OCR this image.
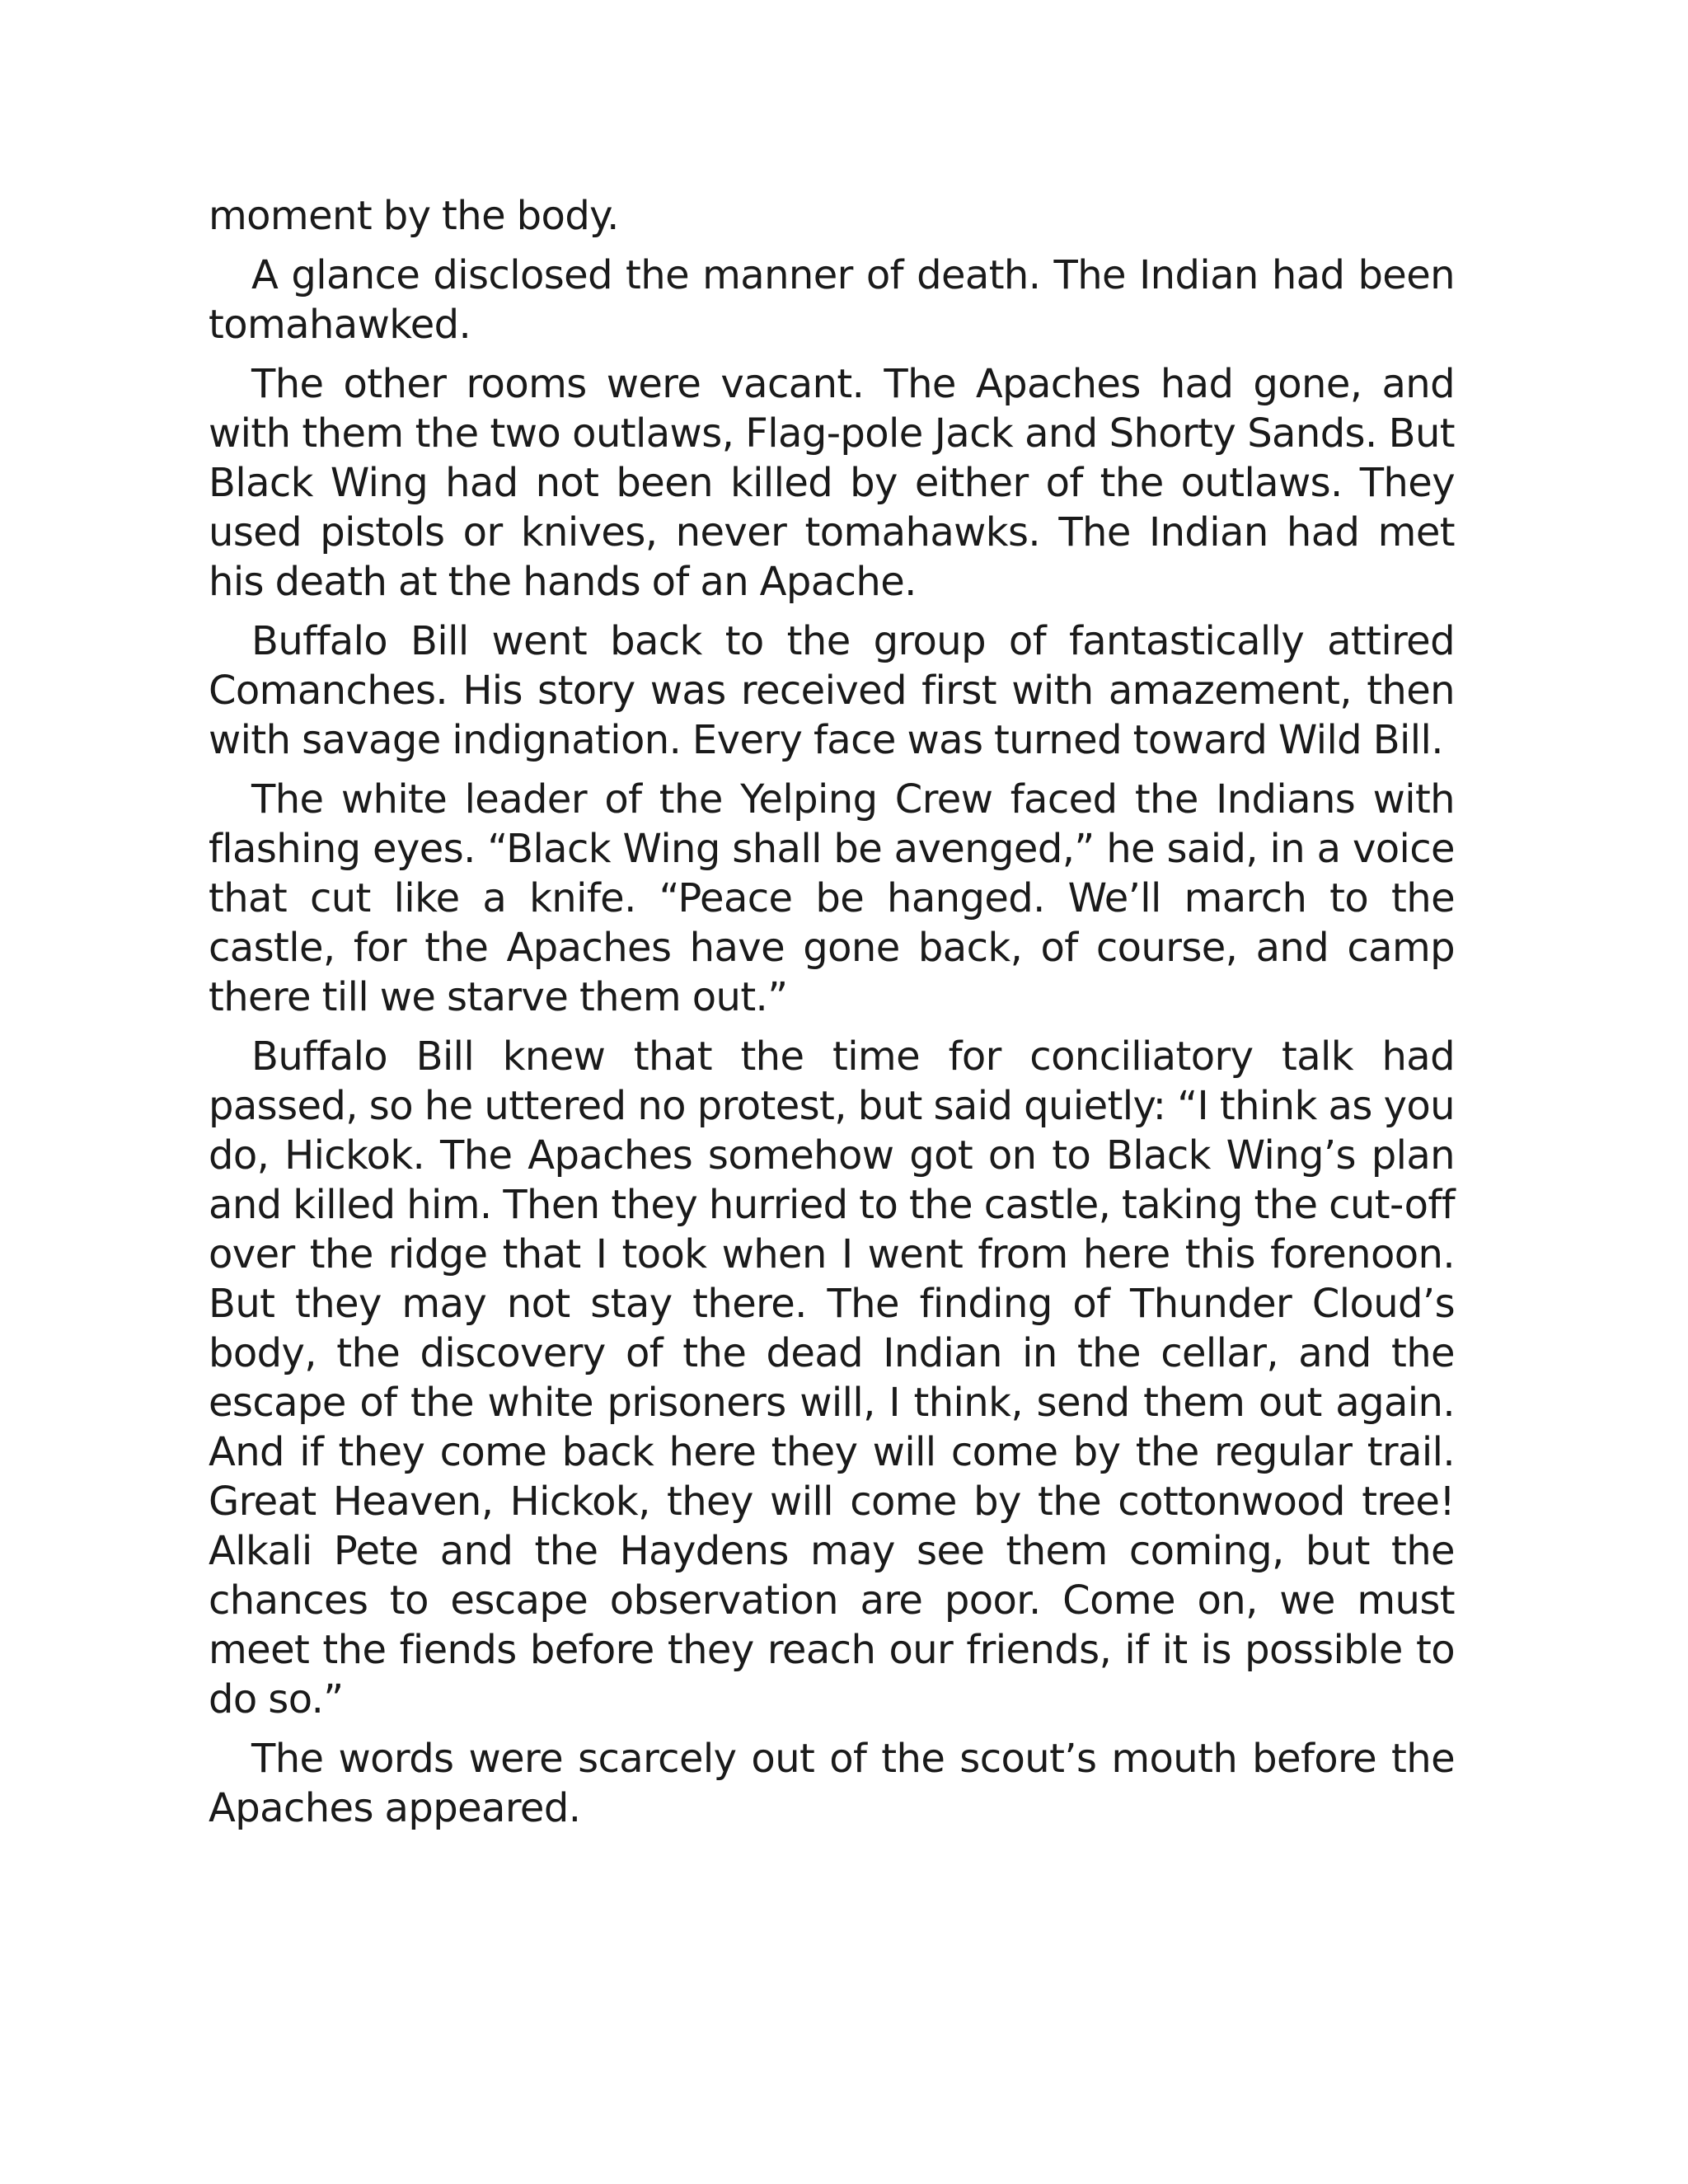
moment by the body.

A glance disclosed the manner of death. The Indian had been tomahawked.

The other rooms were vacant. The Apaches had gone, and with them the two outlaws, Flag-pole Jack and Shorty Sands. But Black Wing had not been killed by either of the outlaws. They used pistols or knives, never tomahawks. The Indian had met his death at the hands of an Apache.

Buffalo Bill went back to the group of fantastically attired Comanches. His story was received first with amazement, then with savage indignation. Every face was turned toward Wild Bill.

The white leader of the Yelping Crew faced the Indians with flashing eyes. “Black Wing shall be avenged,” he said, in a voice that cut like a knife. “Peace be hanged. We’ll march to the castle, for the Apaches have gone back, of course, and camp there till we starve them out.”

Buffalo Bill knew that the time for conciliatory talk had passed, so he uttered no protest, but said quietly: “I think as you do, Hickok. The Apaches somehow got on to Black Wing’s plan and killed him. Then they hurried to the castle, taking the cut-off over the ridge that I took when I went from here this forenoon. But they may not stay there. The finding of Thunder Cloud’s body, the discovery of the dead Indian in the cellar, and the escape of the white prisoners will, I think, send them out again. And if they come back here they will come by the regular trail. Great Heaven, Hickok, they will come by the cottonwood tree! Alkali Pete and the Haydens may see them coming, but the chances to escape observation are poor. Come on, we must meet the fiends before they reach our friends, if it is possible to do so.”

The words were scarcely out of the scout’s mouth before the Apaches appeared.
